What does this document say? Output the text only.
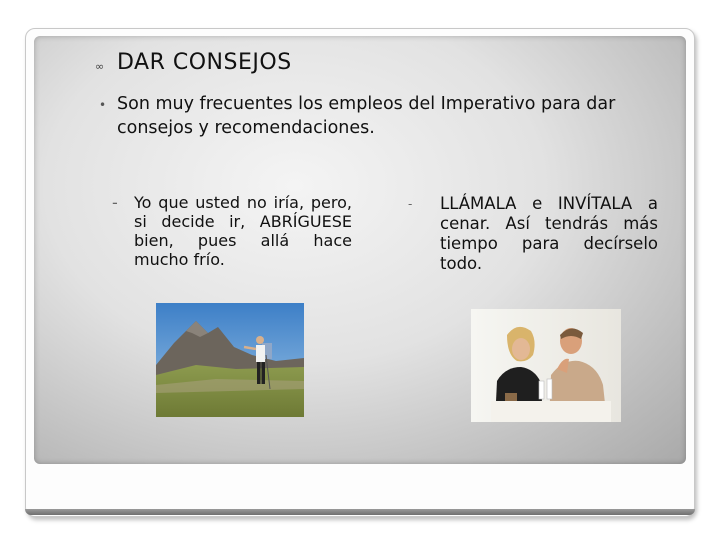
∞ DAR CONSEJOS
• Son muy frecuentes los empleos del Imperativo para dar consejos y recomendaciones.
- Yo que usted no iría, pero, si decide ir, ABRÍGUESE bien, pues allá hace mucho frío.
- LLÁMALA e INVÍTALA a cenar. Así tendrás más tiempo para decírselo todo.
